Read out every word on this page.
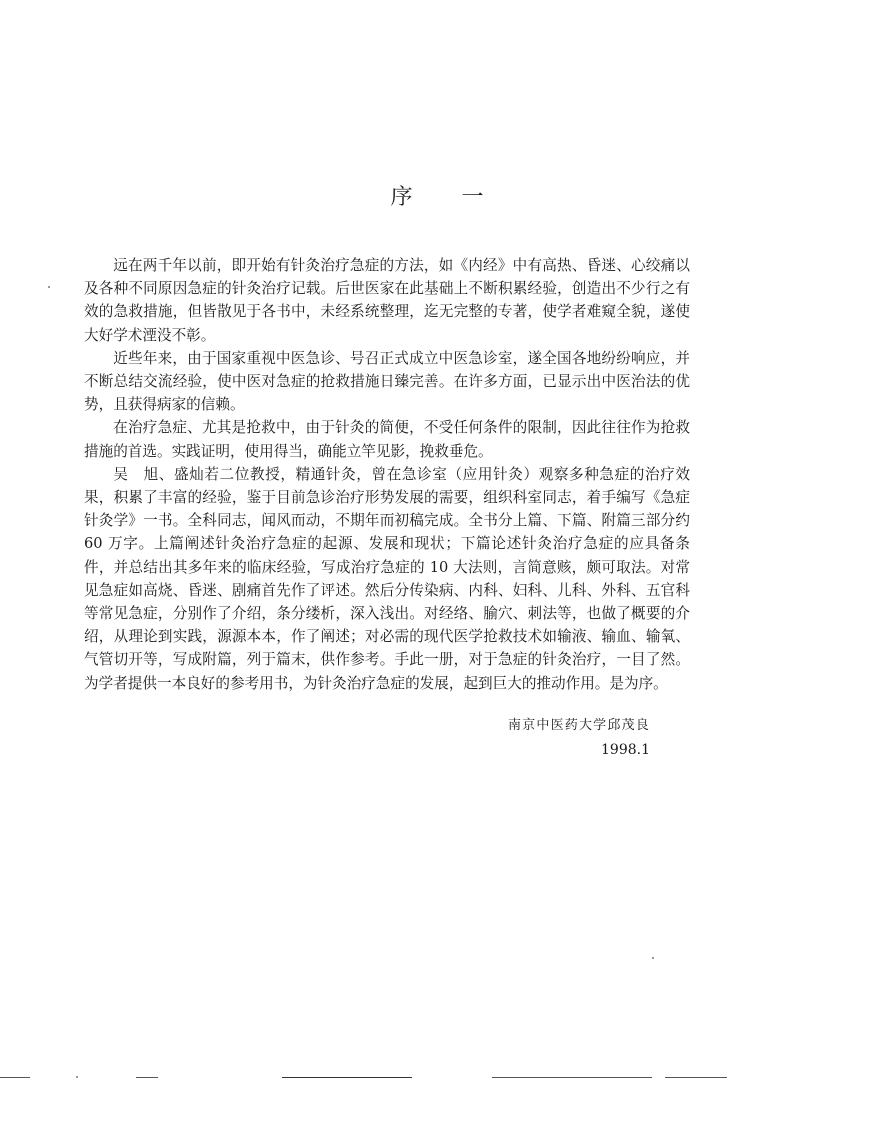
序 一

远在两千年以前，即开始有针灸治疗急症的方法，如《内经》中有高热、昏迷、心绞痛以及各种不同原因急症的针灸治疗记载。后世医家在此基础上不断积累经验，创造出不少行之有效的急救措施，但皆散见于各书中，未经系统整理，迄无完整的专著，使学者难窥全貌，遂使大好学术湮没不彰。

近些年来，由于国家重视中医急诊、号召正式成立中医急诊室，遂全国各地纷纷响应，并不断总结交流经验，使中医对急症的抢救措施日臻完善。在许多方面，已显示出中医治法的优势，且获得病家的信赖。

在治疗急症、尤其是抢救中，由于针灸的简便，不受任何条件的限制，因此往往作为抢救措施的首选。实践证明，使用得当，确能立竿见影，挽救垂危。

吴　旭、盛灿若二位教授，精通针灸，曾在急诊室（应用针灸）观察多种急症的治疗效果，积累了丰富的经验，鉴于目前急诊治疗形势发展的需要，组织科室同志，着手编写《急症针灸学》一书。全科同志，闻风而动，不期年而初稿完成。全书分上篇、下篇、附篇三部分约 60 万字。上篇阐述针灸治疗急症的起源、发展和现状；下篇论述针灸治疗急症的应具备条件，并总结出其多年来的临床经验，写成治疗急症的 10 大法则，言简意赅，颇可取法。对常见急症如高烧、昏迷、剧痛首先作了评述。然后分传染病、内科、妇科、儿科、外科、五官科等常见急症，分别作了介绍，条分缕析，深入浅出。对经络、腧穴、刺法等，也做了概要的介绍，从理论到实践，源源本本，作了阐述；对必需的现代医学抢救技术如输液、输血、输氧、气管切开等，写成附篇，列于篇末，供作参考。手此一册，对于急症的针灸治疗，一目了然。为学者提供一本良好的参考用书，为针灸治疗急症的发展，起到巨大的推动作用。是为序。

南京中医药大学邱茂良
1998.1
